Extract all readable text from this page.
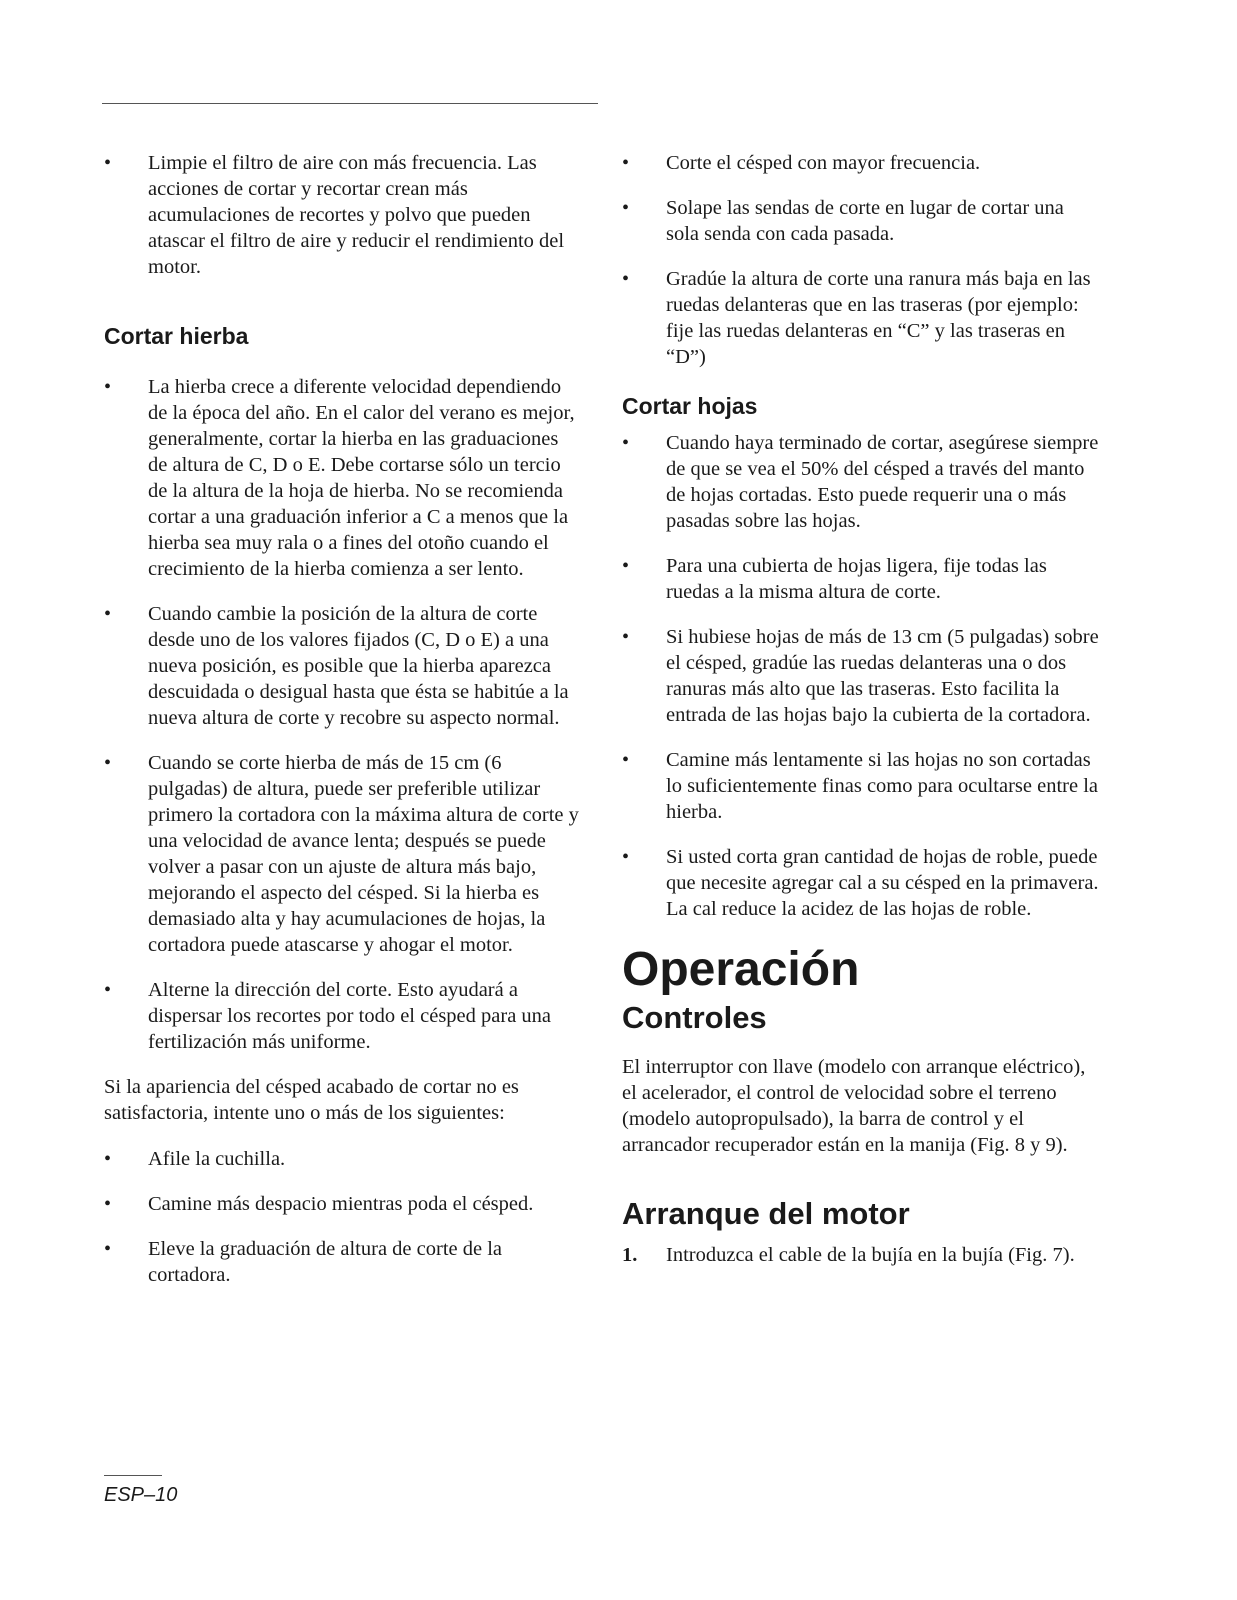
• Limpie el filtro de aire con más frecuencia. Las acciones de cortar y recortar crean más acumulaciones de recortes y polvo que pueden atascar el filtro de aire y reducir el rendimiento del motor.
Cortar hierba
• La hierba crece a diferente velocidad dependiendo de la época del año. En el calor del verano es mejor, generalmente, cortar la hierba en las graduaciones de altura de C, D o E. Debe cortarse sólo un tercio de la altura de la hoja de hierba. No se recomienda cortar a una graduación inferior a C a menos que la hierba sea muy rala o a fines del otoño cuando el crecimiento de la hierba comienza a ser lento.
• Cuando cambie la posición de la altura de corte desde uno de los valores fijados (C, D o E) a una nueva posición, es posible que la hierba aparezca descuidada o desigual hasta que ésta se habitúe a la nueva altura de corte y recobre su aspecto normal.
• Cuando se corte hierba de más de 15 cm (6 pulgadas) de altura, puede ser preferible utilizar primero la cortadora con la máxima altura de corte y una velocidad de avance lenta; después se puede volver a pasar con un ajuste de altura más bajo, mejorando el aspecto del césped. Si la hierba es demasiado alta y hay acumulaciones de hojas, la cortadora puede atascarse y ahogar el motor.
• Alterne la dirección del corte. Esto ayudará a dispersar los recortes por todo el césped para una fertilización más uniforme.

Si la apariencia del césped acabado de cortar no es satisfactoria, intente uno o más de los siguientes:

• Afile la cuchilla.
• Camine más despacio mientras poda el césped.
• Eleve la graduación de altura de corte de la cortadora.
• Corte el césped con mayor frecuencia.
• Solape las sendas de corte en lugar de cortar una sola senda con cada pasada.
• Gradúe la altura de corte una ranura más baja en las ruedas delanteras que en las traseras (por ejemplo: fije las ruedas delanteras en “C” y las traseras en “D”)
Cortar hojas
• Cuando haya terminado de cortar, asegúrese siempre de que se vea el 50% del césped a través del manto de hojas cortadas. Esto puede requerir una o más pasadas sobre las hojas.
• Para una cubierta de hojas ligera, fije todas las ruedas a la misma altura de corte.
• Si hubiese hojas de más de 13 cm (5 pulgadas) sobre el césped, gradúe las ruedas delanteras una o dos ranuras más alto que las traseras. Esto facilita la entrada de las hojas bajo la cubierta de la cortadora.
• Camine más lentamente si las hojas no son cortadas lo suficientemente finas como para ocultarse entre la hierba.
• Si usted corta gran cantidad de hojas de roble, puede que necesite agregar cal a su césped en la primavera. La cal reduce la acidez de las hojas de roble.
Operación
Controles

El interruptor con llave (modelo con arranque eléctrico), el acelerador, el control de velocidad sobre el terreno (modelo autopropulsado), la barra de control y el arrancador recuperador están en la manija (Fig. 8 y 9).

Arranque del motor
1. Introduzca el cable de la bujía en la bujía (Fig. 7).
ESP–10
